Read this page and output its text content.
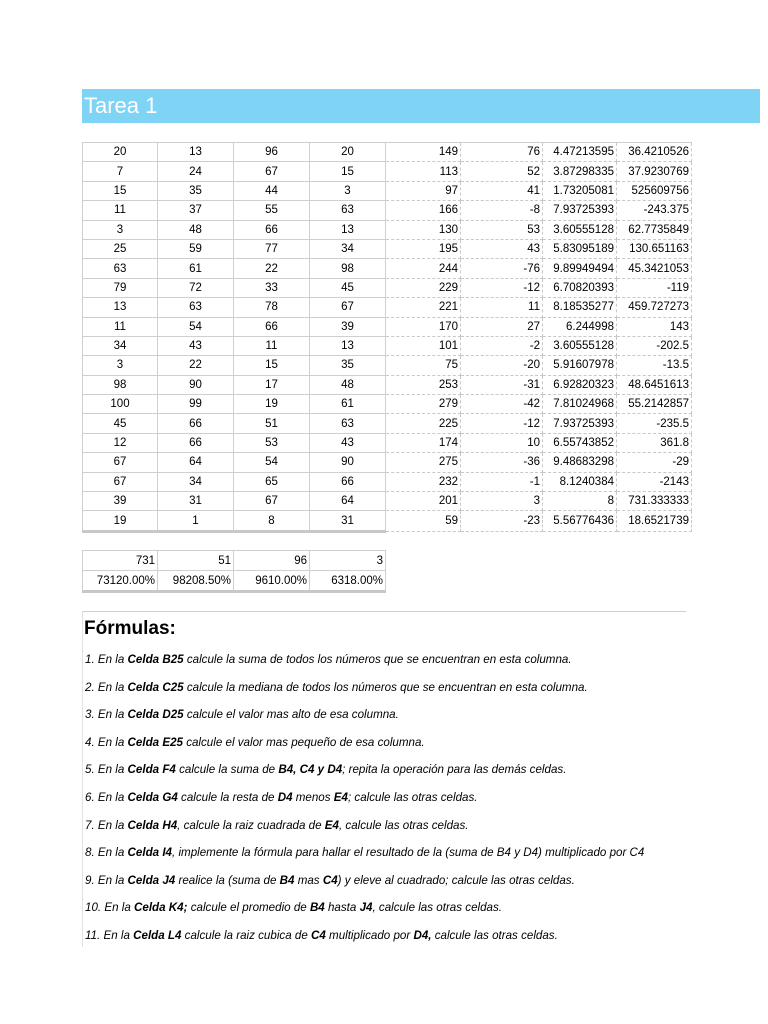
Tarea 1
20	13	96	20	149	76	4.47213595	36.4210526
7	24	67	15	113	52	3.87298335	37.9230769
15	35	44	3	97	41	1.73205081	525609756
11	37	55	63	166	-8	7.93725393	-243.375
3	48	66	13	130	53	3.60555128	62.7735849
25	59	77	34	195	43	5.83095189	130.651163
63	61	22	98	244	-76	9.89949494	45.3421053
79	72	33	45	229	-12	6.70820393	-119
13	63	78	67	221	11	8.18535277	459.727273
11	54	66	39	170	27	6.244998	143
34	43	11	13	101	-2	3.60555128	-202.5
3	22	15	35	75	-20	5.91607978	-13.5
98	90	17	48	253	-31	6.92820323	48.6451613
100	99	19	61	279	-42	7.81024968	55.2142857
45	66	51	63	225	-12	7.93725393	-235.5
12	66	53	43	174	10	6.55743852	361.8
67	64	54	90	275	-36	9.48683298	-29
67	34	65	66	232	-1	8.1240384	-2143
39	31	67	64	201	3	8	731.333333
19	1	8	31	59	-23	5.56776436	18.6521739
731	51	96	3
73120.00%	98208.50%	9610.00%	6318.00%
Fórmulas:
1. En la Celda B25 calcule la suma de todos los números que se encuentran en esta columna.
2. En la Celda C25 calcule la mediana de todos los números que se encuentran en esta columna.
3. En la Celda D25 calcule el valor mas alto de esa columna.
4. En la Celda E25 calcule el valor mas pequeño de esa columna.
5. En la Celda F4 calcule la suma de B4, C4 y D4; repita la operación para las demás celdas.
6. En la Celda G4 calcule la resta de D4 menos E4; calcule las otras celdas.
7. En la Celda H4, calcule la raiz cuadrada de E4, calcule las otras celdas.
8. En la Celda I4, implemente la fórmula para hallar el resultado de la (suma de B4 y D4) multiplicado por C4
9. En la Celda J4 realice la (suma de B4 mas C4) y eleve al cuadrado; calcule las otras celdas.
10. En la Celda K4; calcule el promedio de B4 hasta J4, calcule las otras celdas.
11. En la Celda L4 calcule la raiz cubica de C4 multiplicado por D4, calcule las otras celdas.
